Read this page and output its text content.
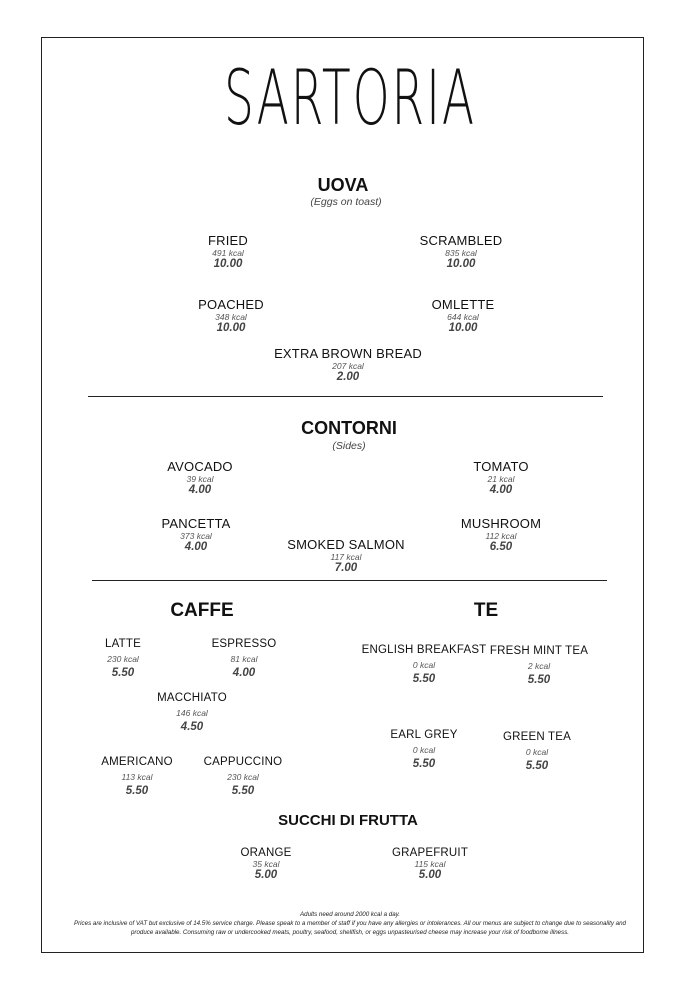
SARTORIA
UOVA
(Eggs on toast)
FRIED
491 kcal
10.00
SCRAMBLED
835 kcal
10.00
POACHED
348 kcal
10.00
OMLETTE
644 kcal
10.00
EXTRA BROWN BREAD
207 kcal
2.00
CONTORNI
(Sides)
AVOCADO
39 kcal
4.00
TOMATO
21 kcal
4.00
PANCETTA
373 kcal
4.00
MUSHROOM
112 kcal
6.50
SMOKED SALMON
117 kcal
7.00
CAFFE
LATTE
230 kcal
5.50
ESPRESSO
81 kcal
4.00
MACCHIATO
146 kcal
4.50
AMERICANO
113 kcal
5.50
CAPPUCCINO
230 kcal
5.50
TE
ENGLISH BREAKFAST
0 kcal
5.50
FRESH MINT TEA
2 kcal
5.50
EARL GREY
0 kcal
5.50
GREEN TEA
0 kcal
5.50
SUCCHI DI FRUTTA
ORANGE
35 kcal
5.00
GRAPEFRUIT
115 kcal
5.00
Adults need around 2000 kcal a day.
Prices are inclusive of VAT but exclusive of 14.5% service charge. Please speak to a member of staff if you have any allergies or intolerances. All our menus are subject to change due to seasonality and produce available. Consuming raw or undercooked meats, poultry, seafood, shellfish, or eggs unpasteurised cheese may increase your risk of foodborne illness.
